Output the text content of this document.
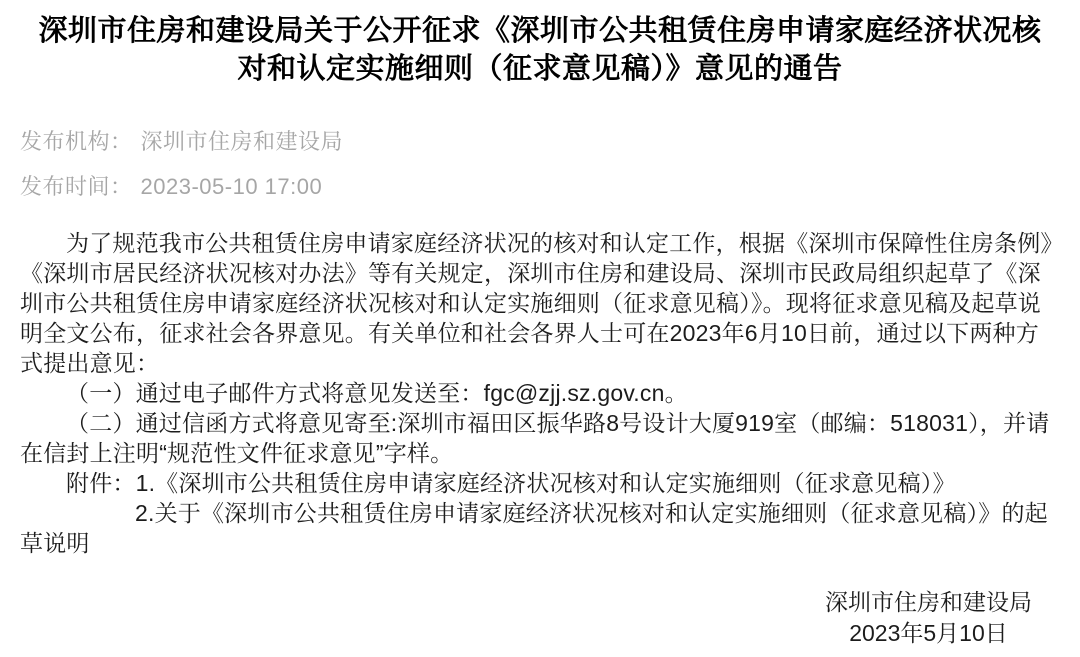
深圳市住房和建设局关于公开征求《深圳市公共租赁住房申请家庭经济状况核对和认定实施细则（征求意见稿）》意见的通告
发布机构： 深圳市住房和建设局
发布时间： 2023-05-10 17:00

为了规范我市公共租赁住房申请家庭经济状况的核对和认定工作，根据《深圳市保障性住房条例》《深圳市居民经济状况核对办法》等有关规定，深圳市住房和建设局、深圳市民政局组织起草了《深圳市公共租赁住房申请家庭经济状况核对和认定实施细则（征求意见稿）》。现将征求意见稿及起草说明全文公布，征求社会各界意见。有关单位和社会各界人士可在2023年6月10日前，通过以下两种方式提出意见：

（一）通过电子邮件方式将意见发送至：fgc@zjj.sz.gov.cn。

（二）通过信函方式将意见寄至:深圳市福田区振华路8号设计大厦919室（邮编：518031），并请在信封上注明“规范性文件征求意见”字样。

附件：1.《深圳市公共租赁住房申请家庭经济状况核对和认定实施细则（征求意见稿）》

2.关于《深圳市公共租赁住房申请家庭经济状况核对和认定实施细则（征求意见稿）》的起草说明

深圳市住房和建设局

2023年5月10日
